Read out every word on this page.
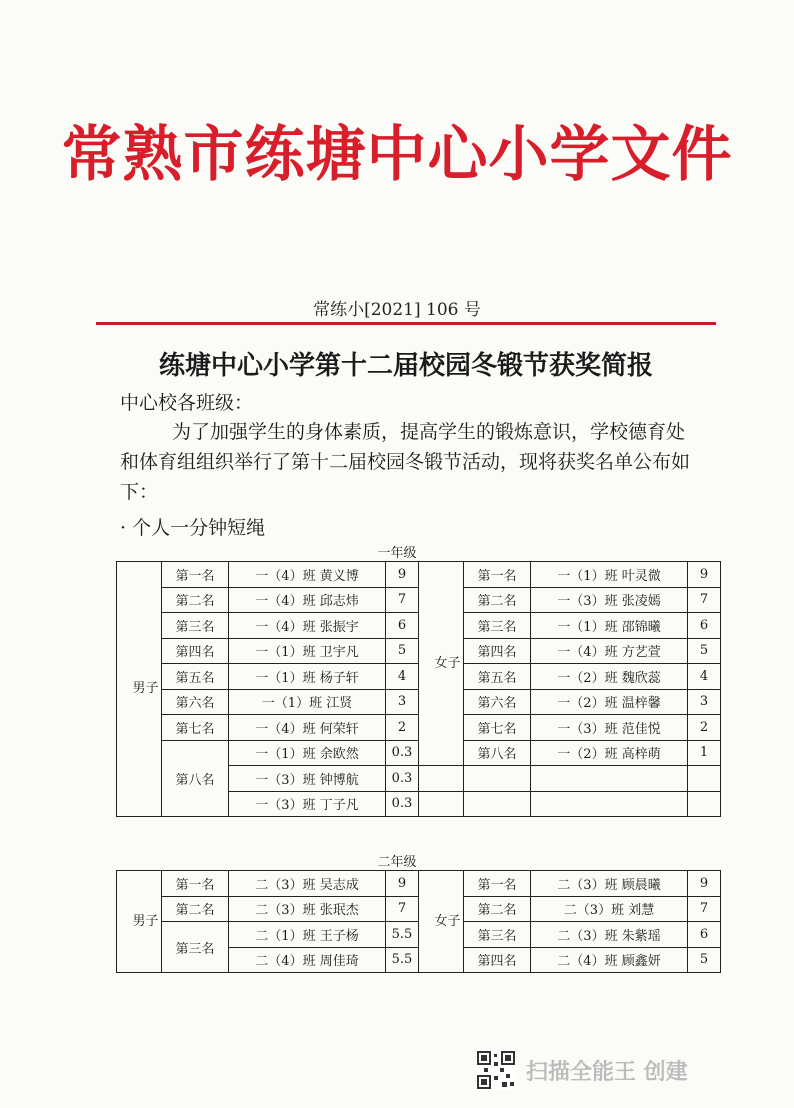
常熟市练塘中心小学文件
常练小[2021] 106 号
练塘中心小学第十二届校园冬锻节获奖简报
中心校各班级：
为了加强学生的身体素质，提高学生的锻炼意识，学校德育处和体育组组织举行了第十二届校园冬锻节活动，现将获奖名单公布如下：
· 个人一分钟短绳
一年级
男子	第一名	一（4）班 黄义博	9	女子	第一名	一（1）班 叶灵微	9
	第二名	一（4）班 邱志炜	7		第二名	一（3）班 张凌嫣	7
	第三名	一（4）班 张振宇	6		第三名	一（1）班 邵锦曦	6
	第四名	一（1）班 卫宇凡	5		第四名	一（4）班 方艺萱	5
	第五名	一（1）班 杨子轩	4		第五名	一（2）班 魏欣蕊	4
	第六名	一（1）班 江贤	3		第六名	一（2）班 温梓馨	3
	第七名	一（4）班 何荣轩	2		第七名	一（3）班 范佳悦	2
	第八名	一（1）班 余欧然	0.3		第八名	一（2）班 高梓萌	1
		一（3）班 钟博航	0.3				
		一（3）班 丁子凡	0.3				
二年级
男子	第一名	二（3）班 吴志成	9	女子	第一名	二（3）班 顾晨曦	9
	第二名	二（3）班 张珉杰	7		第二名	二（3）班 刘慧	7
	第三名	二（1）班 王子杨	5.5		第三名	二（3）班 朱紫瑶	6
		二（4）班 周佳琦	5.5		第四名	二（4）班 顾鑫妍	5
扫描全能王 创建
